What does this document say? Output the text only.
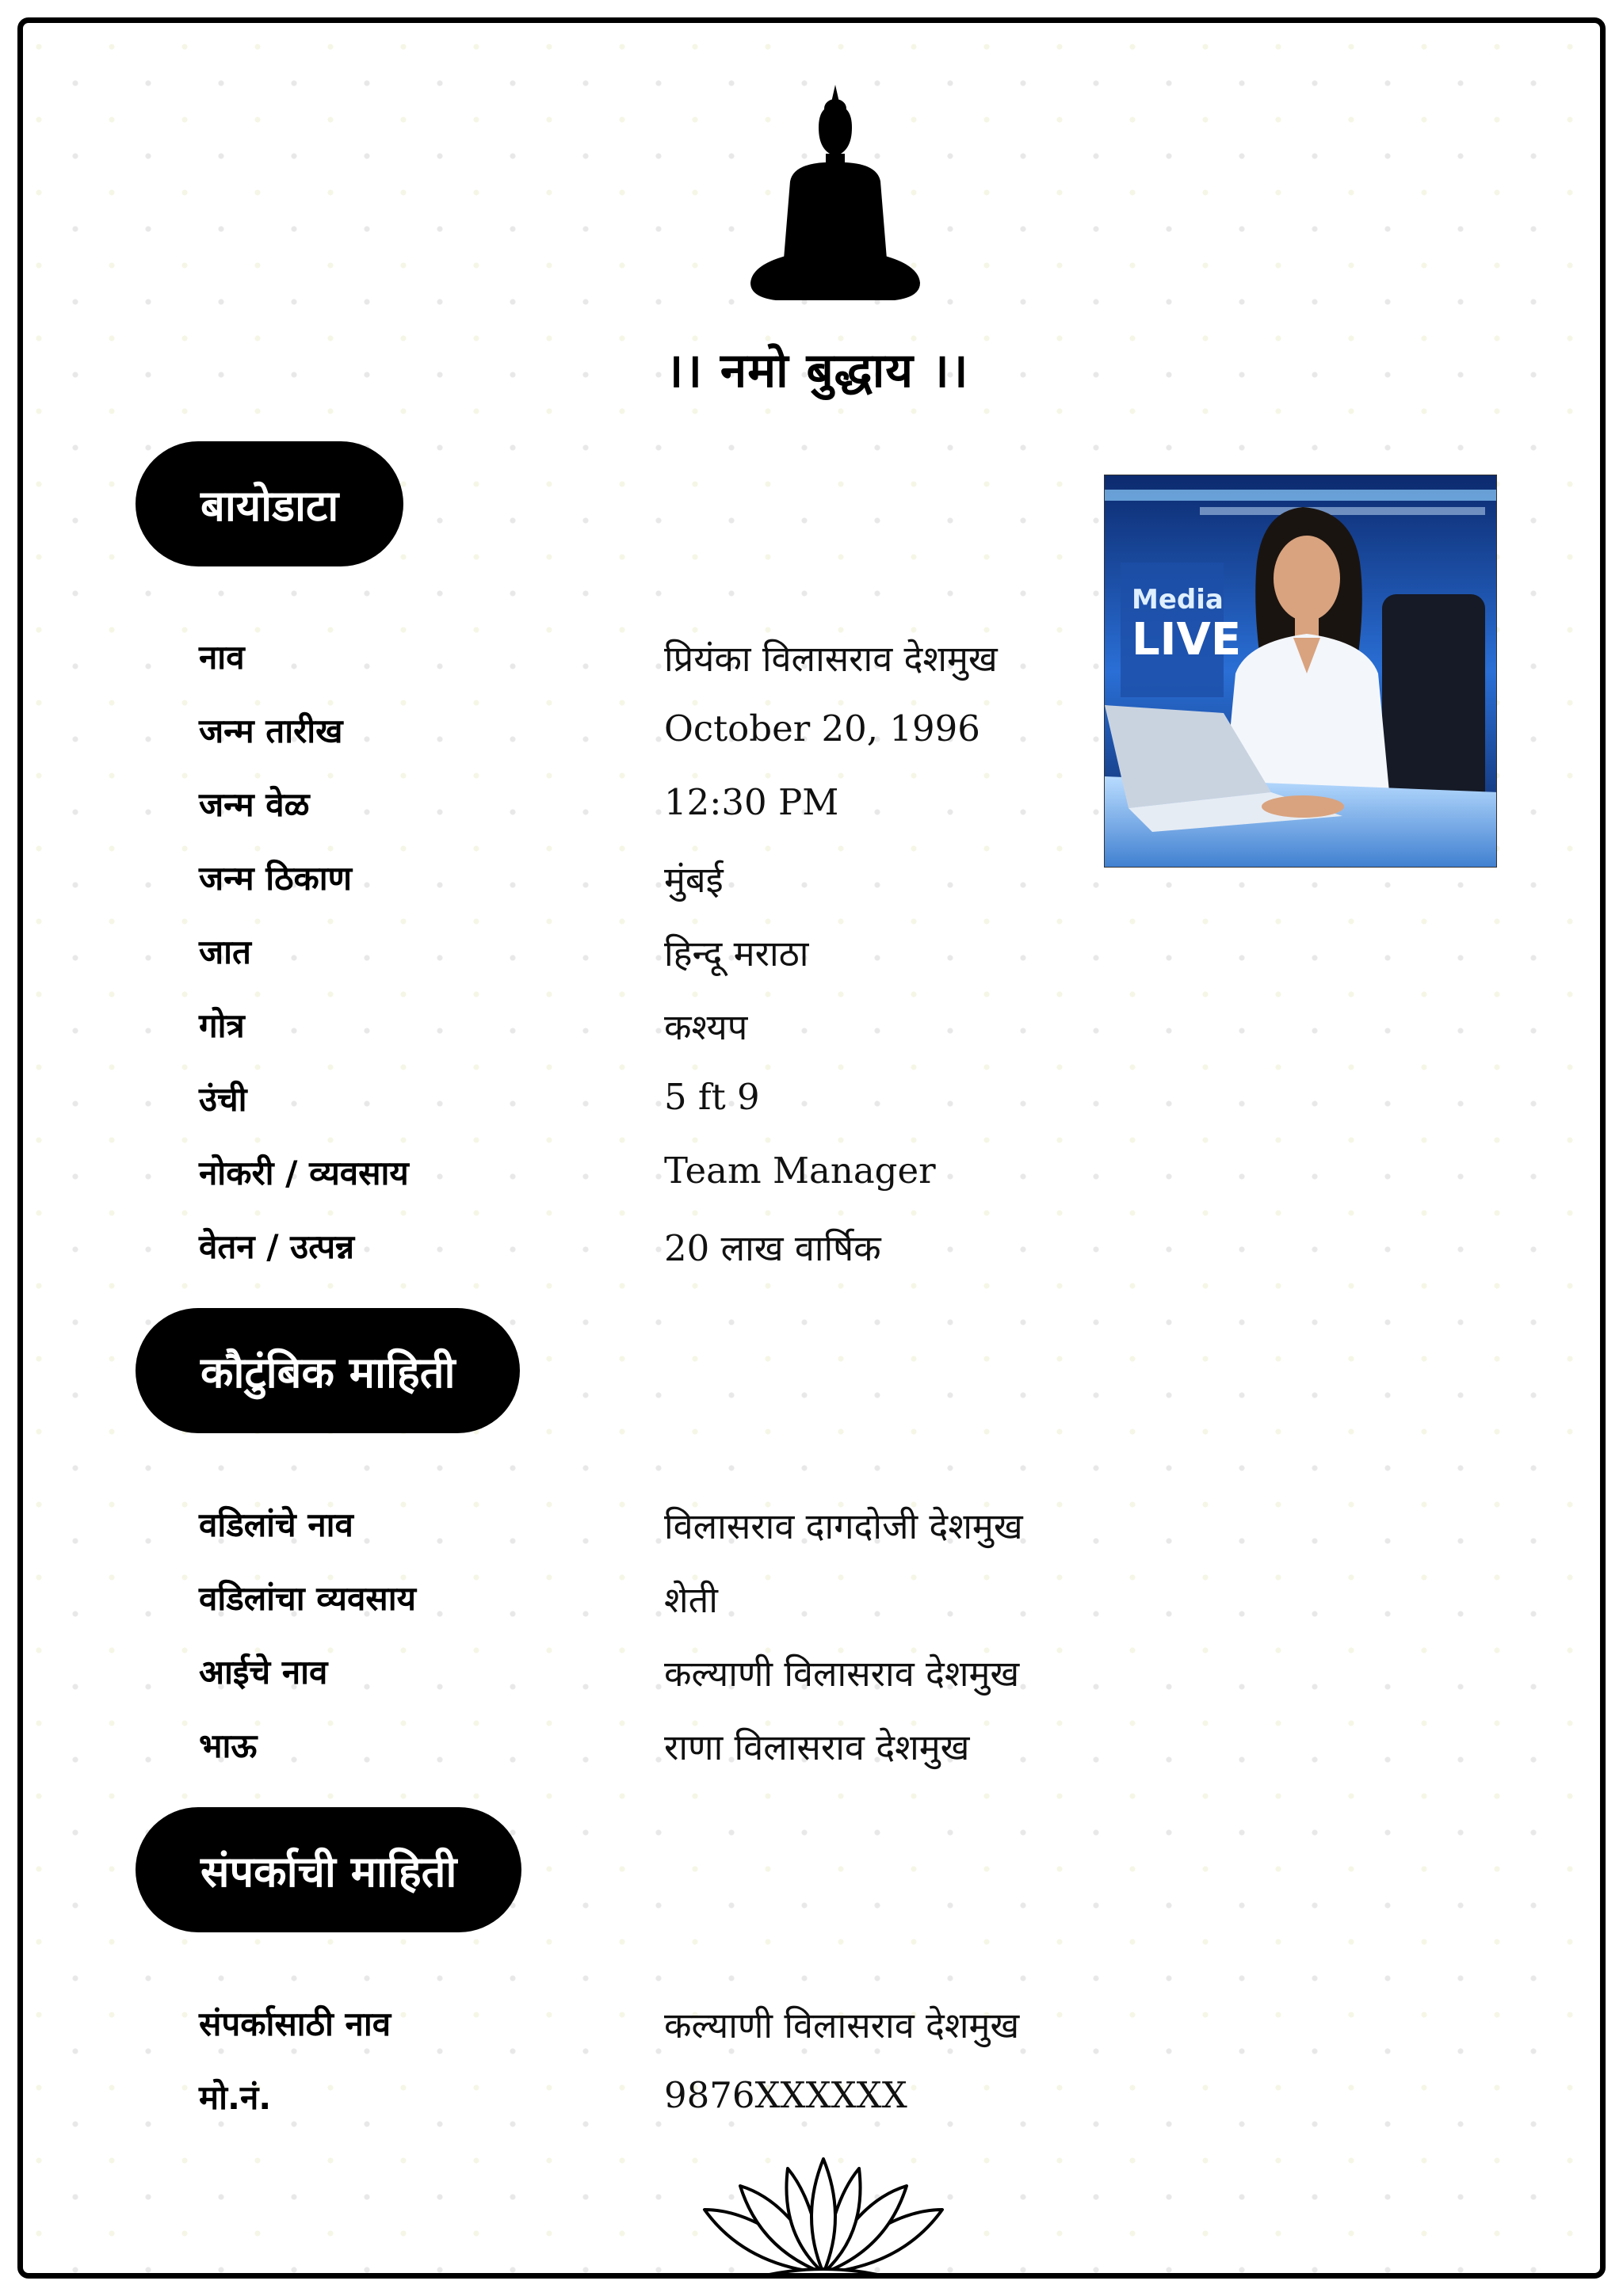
।। नमो बुद्धाय ।।
बायोडाटा
नाव	प्रियंका विलासराव देशमुख
जन्म तारीख	October 20, 1996
जन्म वेळ	12:30 PM
जन्म ठिकाण	मुंबई
जात	हिन्दू मराठा
गोत्र	कश्यप
उंची	5 ft 9
नोकरी / व्यवसाय	Team Manager
वेतन / उत्पन्न	20 लाख वार्षिक
Media
LIVE
कौटुंबिक माहिती
वडिलांचे नाव	विलासराव दागदोजी देशमुख
वडिलांचा व्यवसाय	शेती
आईचे नाव	कल्याणी विलासराव देशमुख
भाऊ	राणा विलासराव देशमुख
संपर्काची माहिती
संपर्कासाठी नाव	कल्याणी विलासराव देशमुख
मो.नं.	9876XXXXXX
